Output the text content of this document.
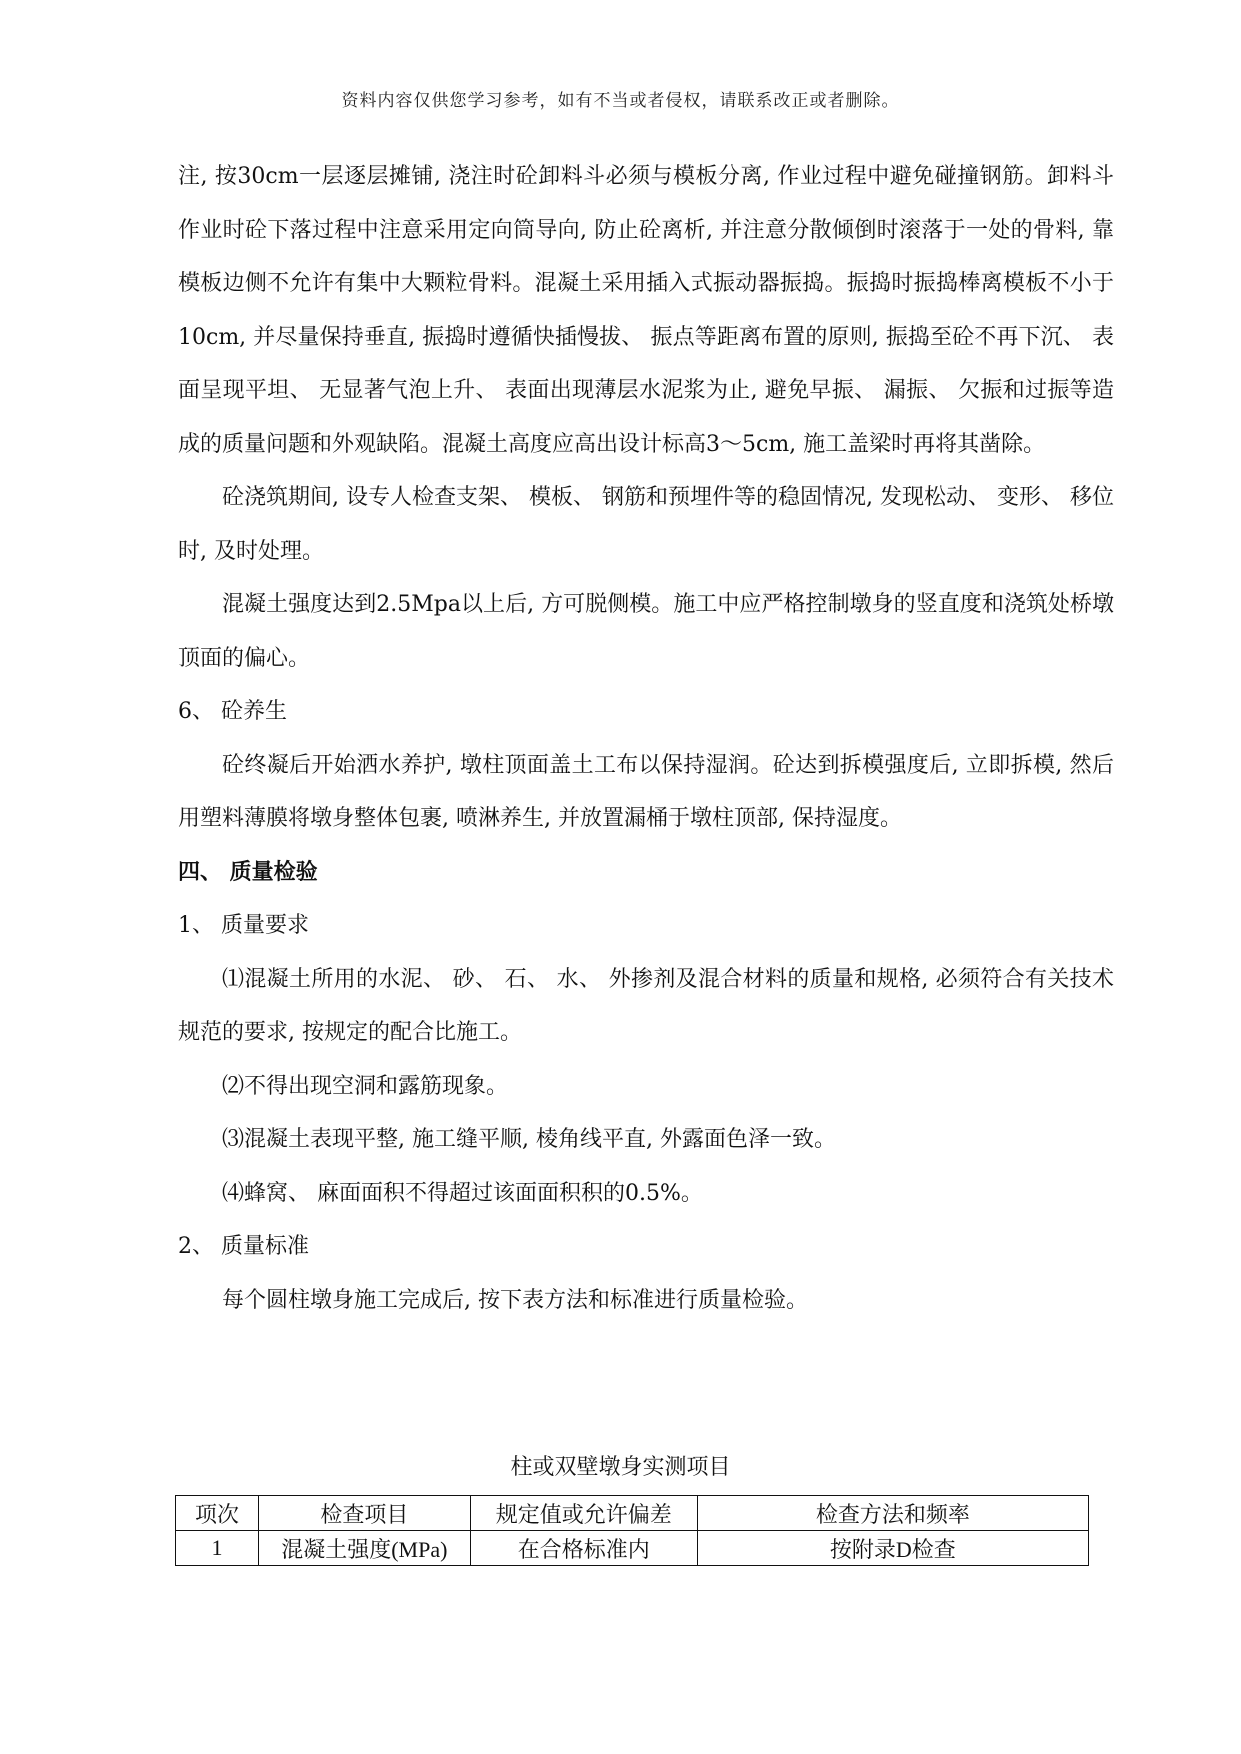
资料内容仅供您学习参考，如有不当或者侵权，请联系改正或者删除。

注, 按30cm一层逐层摊铺, 浇注时砼卸料斗必须与模板分离, 作业过程中避免碰撞钢筋。卸料斗作业时砼下落过程中注意采用定向筒导向, 防止砼离析, 并注意分散倾倒时滚落于一处的骨料, 靠模板边侧不允许有集中大颗粒骨料。混凝土采用插入式振动器振捣。振捣时振捣棒离模板不小于10cm, 并尽量保持垂直, 振捣时遵循快插慢拔、 振点等距离布置的原则, 振捣至砼不再下沉、 表面呈现平坦、 无显著气泡上升、 表面出现薄层水泥浆为止, 避免早振、 漏振、 欠振和过振等造成的质量问题和外观缺陷。混凝土高度应高出设计标高3～5cm, 施工盖梁时再将其凿除。

砼浇筑期间, 设专人检查支架、 模板、 钢筋和预埋件等的稳固情况, 发现松动、 变形、 移位时, 及时处理。

混凝土强度达到2.5Mpa以上后, 方可脱侧模。施工中应严格控制墩身的竖直度和浇筑处桥墩顶面的偏心。

6、 砼养生

砼终凝后开始洒水养护, 墩柱顶面盖土工布以保持湿润。砼达到拆模强度后, 立即拆模, 然后用塑料薄膜将墩身整体包裹, 喷淋养生, 并放置漏桶于墩柱顶部, 保持湿度。

四、 质量检验

1、 质量要求

⑴混凝土所用的水泥、 砂、 石、 水、 外掺剂及混合材料的质量和规格, 必须符合有关技术规范的要求, 按规定的配合比施工。

⑵不得出现空洞和露筋现象。

⑶混凝土表现平整, 施工缝平顺, 棱角线平直, 外露面色泽一致。

⑷蜂窝、 麻面面积不得超过该面面积积的0.5%。

2、 质量标准

每个圆柱墩身施工完成后, 按下表方法和标准进行质量检验。

柱或双壁墩身实测项目
项次	检查项目	规定值或允许偏差	检查方法和频率
1	混凝土强度(MPa)	在合格标准内	按附录D检查
